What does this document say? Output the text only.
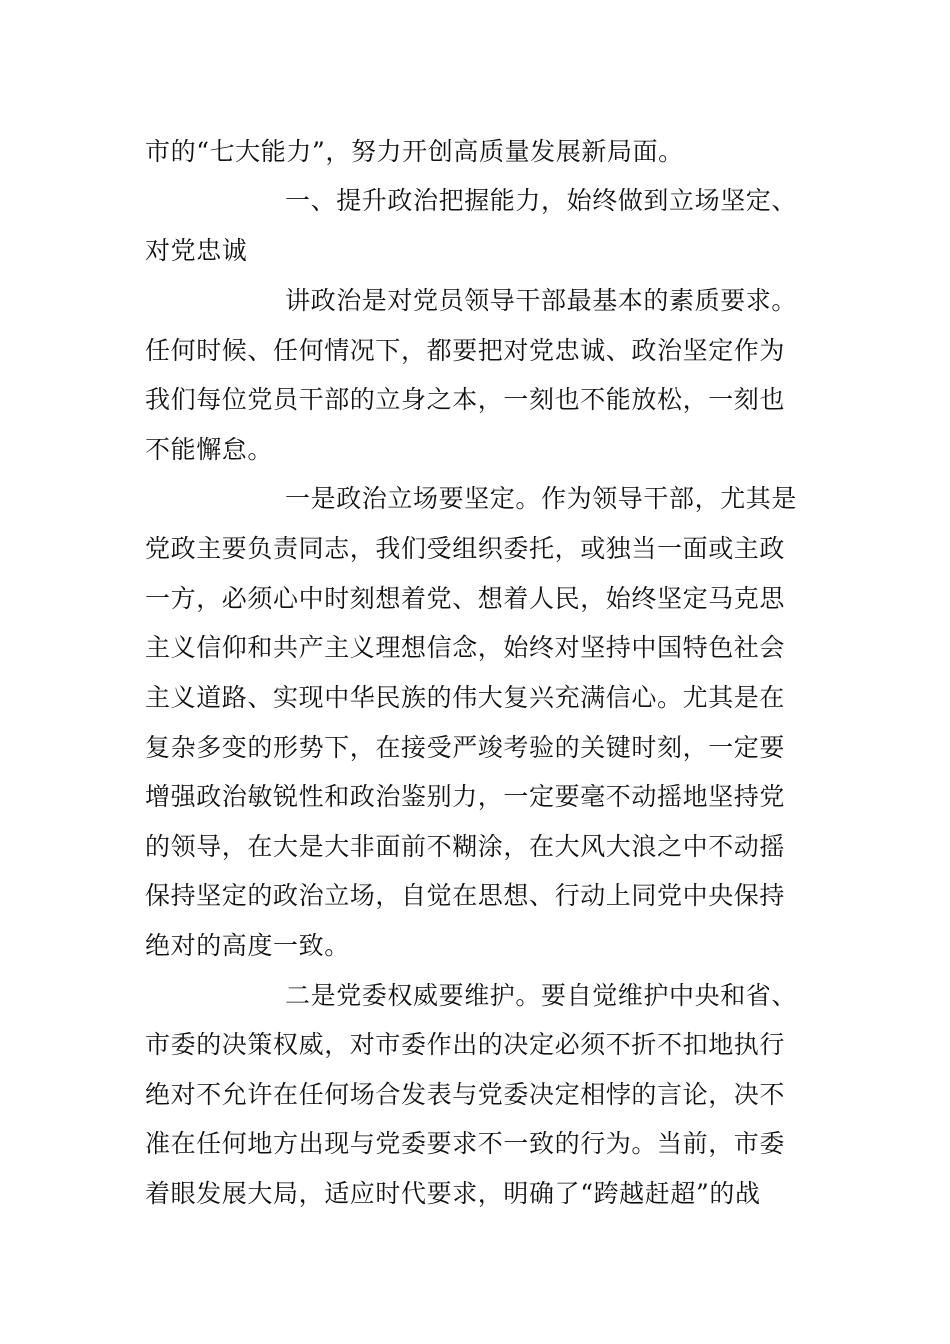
市的“七大能力”，努力开创高质量发展新局面。
一、提升政治把握能力，始终做到立场坚定、
对党忠诚
讲政治是对党员领导干部最基本的素质要求。
任何时候、任何情况下，都要把对党忠诚、政治坚定作为
我们每位党员干部的立身之本，一刻也不能放松，一刻也
不能懈怠。
一是政治立场要坚定。作为领导干部，尤其是
党政主要负责同志，我们受组织委托，或独当一面或主政
一方，必须心中时刻想着党、想着人民，始终坚定马克思
主义信仰和共产主义理想信念，始终对坚持中国特色社会
主义道路、实现中华民族的伟大复兴充满信心。尤其是在
复杂多变的形势下，在接受严竣考验的关键时刻，一定要
增强政治敏锐性和政治鉴别力，一定要毫不动摇地坚持党
的领导，在大是大非面前不糊涂，在大风大浪之中不动摇
保持坚定的政治立场，自觉在思想、行动上同党中央保持
绝对的高度一致。
二是党委权威要维护。要自觉维护中央和省、
市委的决策权威，对市委作出的决定必须不折不扣地执行
绝对不允许在任何场合发表与党委决定相悖的言论，决不
准在任何地方出现与党委要求不一致的行为。当前，市委
着眼发展大局，适应时代要求，明确了“跨越赶超”的战
